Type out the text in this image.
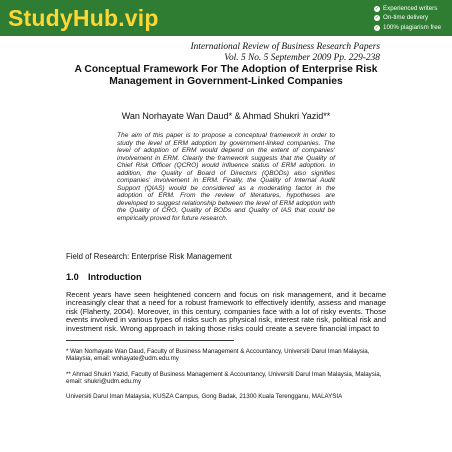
StudyHub.vip	✓ Experienced writers
✓ On-time delivery
✓ 100% plagiarism free
International Review of Business Research Papers
Vol. 5 No. 5 September 2009 Pp. 229-238
A Conceptual Framework For The Adoption of Enterprise Risk Management in Government-Linked Companies
Wan Norhayate Wan Daud* & Ahmad Shukri Yazid**
The aim of this paper is to propose a conceptual framework in order to study the level of ERM adoption by government-linked companies. The level of adoption of ERM would depend on the extent of companies' involvement in ERM. Clearly the framework suggests that the Quality of Chief Risk Officer (QCRO) would influence status of ERM adoption. In addition, the Quality of Board of Directors (QBODs) also signifies companies' involvement in ERM. Finally, the Quality of Internal Audit Support (QIAS) would be considered as a moderating factor in the adoption of ERM. From the review of literatures, hypotheses are developed to suggest relationship between the level of ERM adoption with the Quality of CRO, Quality of BODs and Quality of IAS that could be empirically proved for future research.
Field of Research: Enterprise Risk Management
1.0 Introduction
Recent years have seen heightened concern and focus on risk management, and it became increasingly clear that a need for a robust framework to effectively identify, assess and manage risk (Flaherty, 2004). Moreover, in this century, companies face with a lot of risky events. Those events involved in various types of risks such as physical risk, interest rate risk, political risk and investment risk. Wrong approach in taking those risks could create a severe financial impact to
* Wan Norhayate Wan Daud, Faculty of Business Management & Accountancy, Universiti Darul Iman Malaysia, Malaysia, email: wnhayate@udm.edu.my
** Ahmad Shukri Yazid, Faculty of Business Management & Accountancy, Universiti Darul Iman Malaysia, Malaysia, email: shukri@udm.edu.my
Universiti Darul Iman Malaysia, KUSZA Campus, Gong Badak, 21300 Kuala Terengganu, MALAYSIA
